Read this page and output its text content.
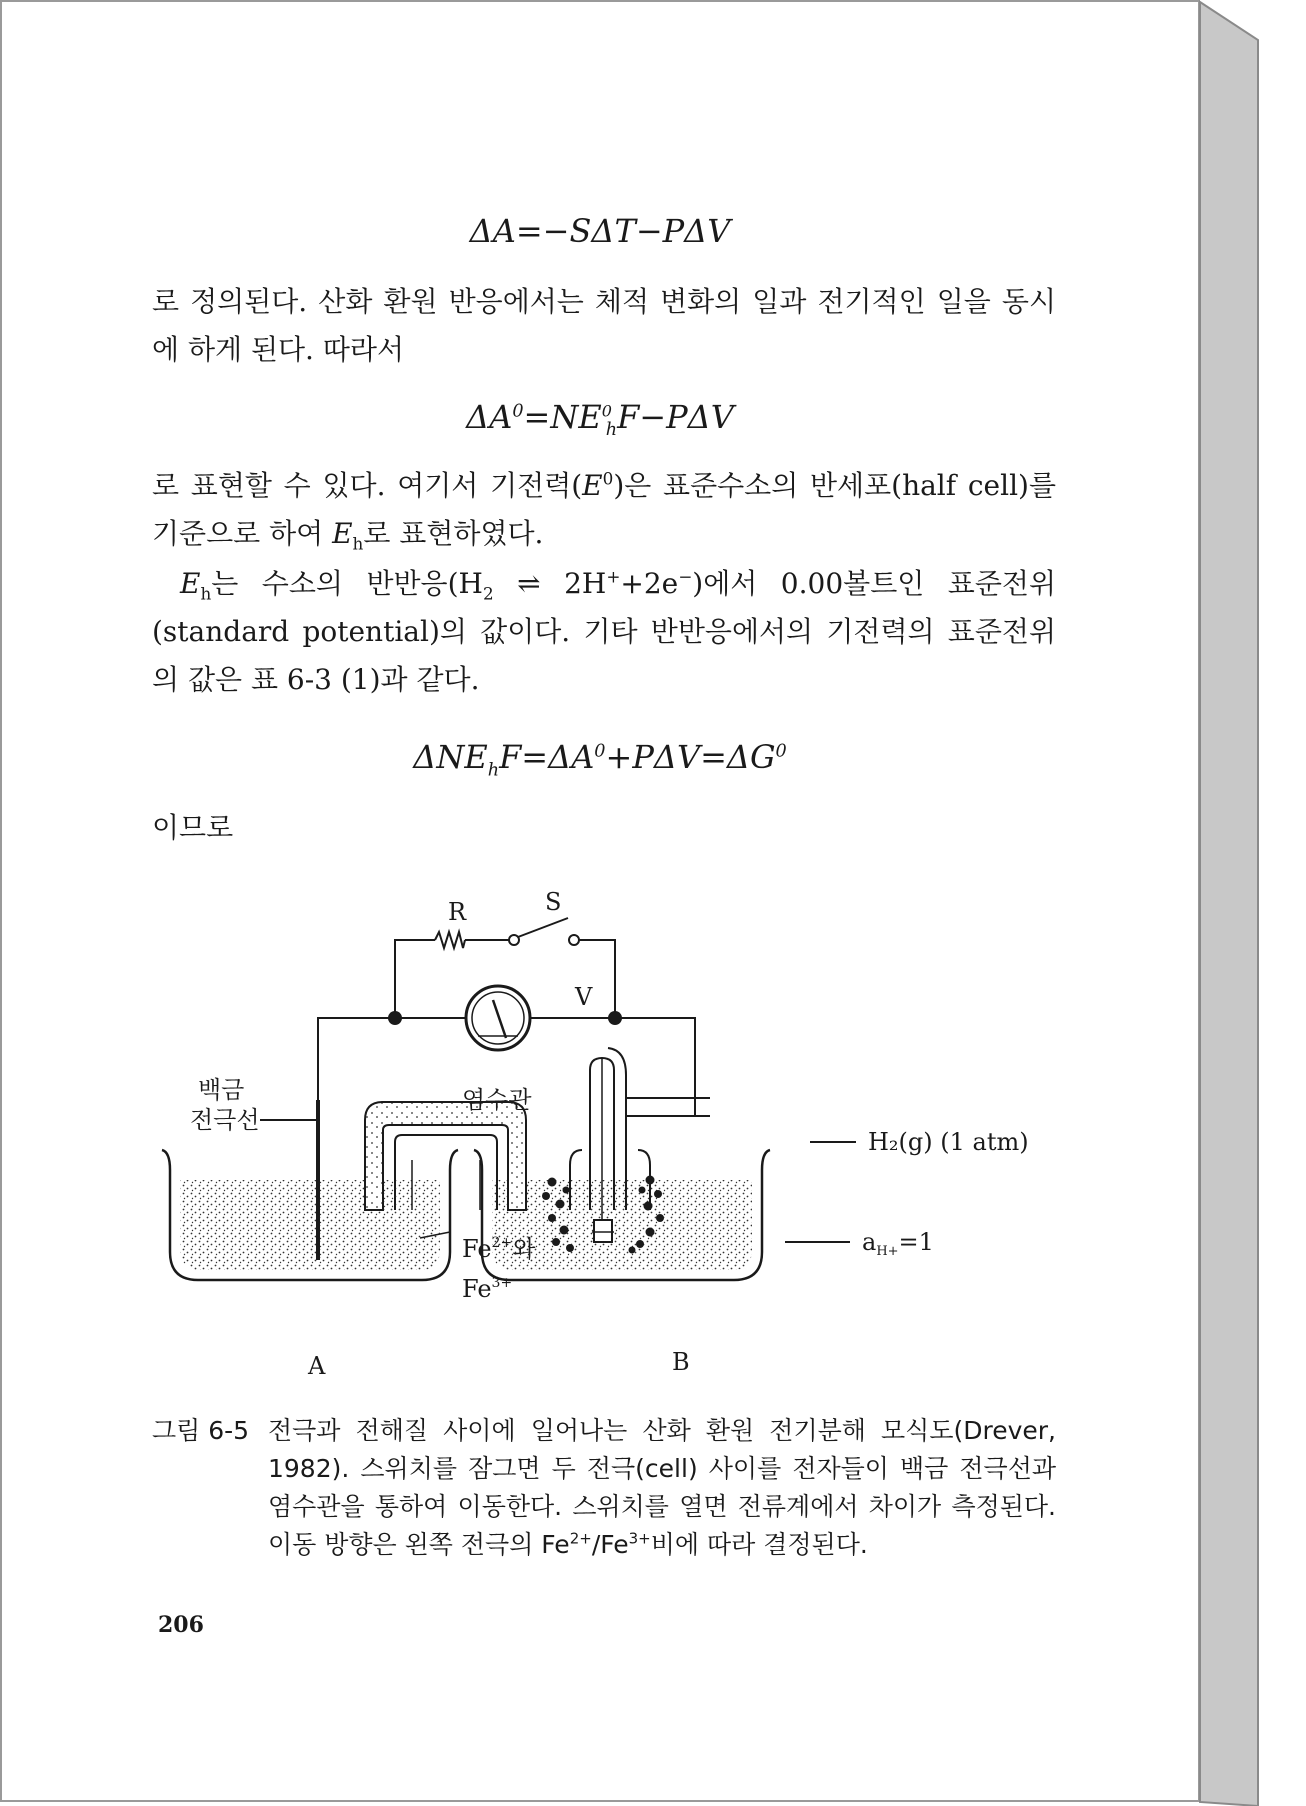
ΔA=−SΔT−PΔV
로 정의된다. 산화 환원 반응에서는 체적 변화의 일과 전기적인 일을 동시에 하게 된다. 따라서
$\Delta A^0=NE^0_hF-P\Delta V$
로 표현할 수 있다. 여기서 기전력$(E^0)$은 표준수소의 반세포(half cell)를 기준으로 하여 $E_h$로 표현하였다.
$E_h$는 수소의 반반응($H_2$ ⇌ 2H++2e−)에서 0.00볼트인 표준전위(standard potential)의 값이다. 기타 반반응에서의 기전력의 표준전위의 값은 표 6-3 (1)과 같다.
$\Delta NE_hF=\Delta A^0+P\Delta V=\Delta G^0$
이므로
R	S
V
백금
전극선
염수관
$Fe^{2+}$와
$Fe^{3+}$
H₂(g) (1 atm)
$a_{H+}=1$
A	B
그림 6-5 전극과 전해질 사이에 일어나는 산화 환원 전기분해 모식도(Drever, 1982). 스위치를 잠그면 두 전극(cell) 사이를 전자들이 백금 전극선과 염수관을 통하여 이동한다. 스위치를 열면 전류계에서 차이가 측정된다. 이동 방향은 왼쪽 전극의 $Fe^{2+}/Fe^{3+}$비에 따라 결정된다.
206
